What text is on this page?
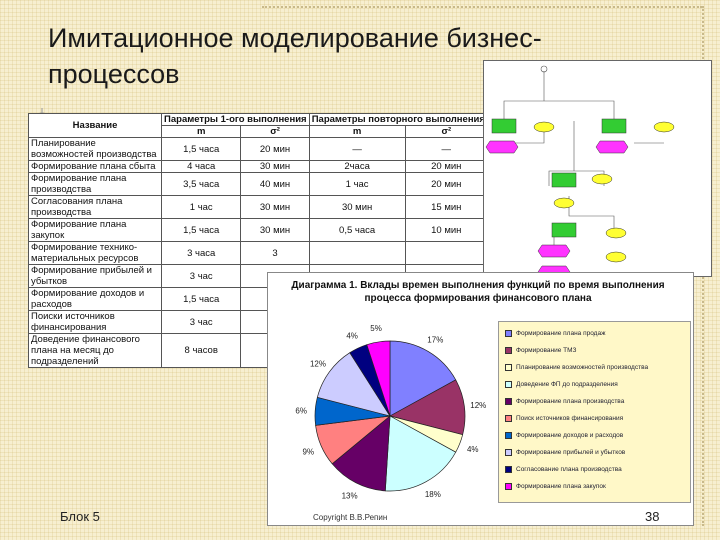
Имитационное моделирование бизнес-
процессов
Название	Параметры 1-ого выполнения		Параметры повторного выполнения	
	m	σ²	m	σ²
Планирование возможностей производства	1,5 часа	20 мин	—	—
Формирование плана сбыта	4 часа	30 мин	2часа	20 мин
Формирование плана производства	3,5 часа	40 мин	1 час	20 мин
Согласования плана производства	1 час	30 мин	30 мин	15 мин
Формирование плана закупок	1,5 часа	30 мин	0,5 часа	10 мин
Формирование технико-материальных ресурсов	3 часа	3		
Формирование прибылей и убытков	3 час			
Формирование доходов и расходов	1,5 часа			
Поиски источников финансирования	3 час			
Доведение финансового плана на месяц до подразделений	8 часов			
Диаграмма 1. Вклады времен выполнения функций по время выполнения процесса формирования финансового плана
17%
12%
4%
18%
13%
9%
6%
12%
4%
5%
Формирование плана продаж
Формирование ТМЗ
Планирование возможностей производства
Доведение ФП до подразделения
Формирование плана производства
Поиск источников финансирования
Формирование доходов и расходов
Формирование прибылей и убытков
Согласование плана производства
Формирование плана закупок
Блок 5	Copyright В.В.Репин	38
